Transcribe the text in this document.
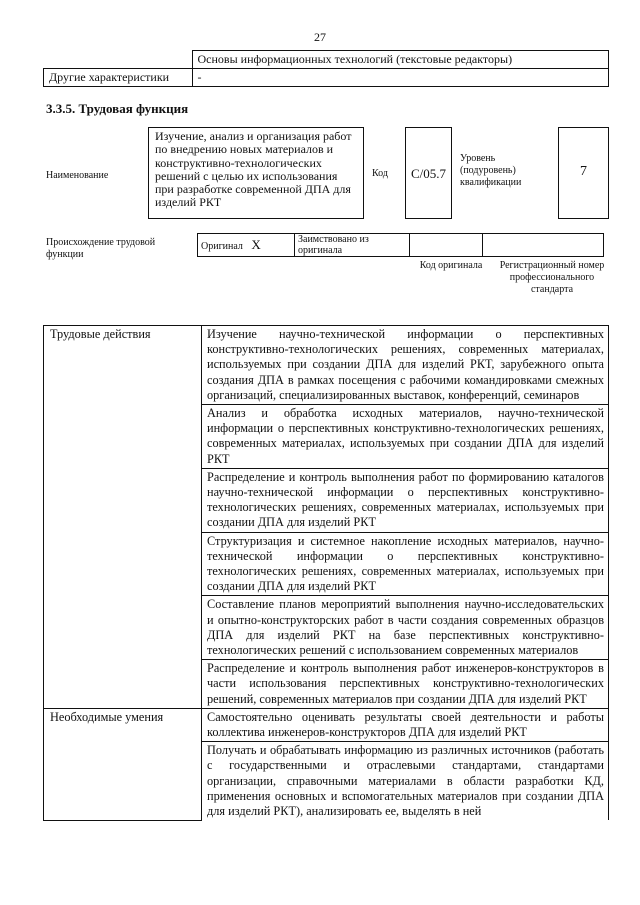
27
	Основы информационных технологий (текстовые редакторы)
Другие характеристики	-
3.3.5. Трудовая функция
Наименование
Изучение, анализ и организация работ по внедрению новых материалов и конструктивно-технологических решений с целью их использования при разработке современной ДПА для изделий РКТ
Код	С/05.7
Уровень (подуровень) квалификации
7
Происхождение трудовой функции
Оригинал X	Заимствовано из оригинала		
Код оригинала	Регистрационный номер профессионального стандарта
Трудовые действия	Изучение научно-технической информации о перспективных конструктивно-технологических решениях, современных материалах, используемых при создании ДПА для изделий РКТ, зарубежного опыта создания ДПА в рамках посещения с рабочими командировками смежных организаций, специализированных выставок, конференций, семинаров
	Анализ и обработка исходных материалов, научно-технической информации о перспективных конструктивно-технологических решениях, современных материалах, используемых при создании ДПА для изделий РКТ
	Распределение и контроль выполнения работ по формированию каталогов научно-технической информации о перспективных конструктивно-технологических решениях, современных материалах, используемых при создании ДПА для изделий РКТ
	Структуризация и системное накопление исходных материалов, научно-технической информации о перспективных конструктивно-технологических решениях, современных материалах, используемых при создании ДПА для изделий РКТ
	Составление планов мероприятий выполнения научно-исследовательских и опытно-конструкторских работ в части создания современных образцов ДПА для изделий РКТ на базе перспективных конструктивно-технологических решений с использованием современных материалов
	Распределение и контроль выполнения работ инженеров-конструкторов в части использования перспективных конструктивно-технологических решений, современных материалов при создании ДПА для изделий РКТ
Необходимые умения	Самостоятельно оценивать результаты своей деятельности и работы коллектива инженеров-конструкторов ДПА для изделий РКТ
	Получать и обрабатывать информацию из различных источников (работать с государственными и отраслевыми стандартами, стандартами организации, справочными материалами в области разработки КД, применения основных и вспомогательных материалов при создании ДПА для изделий РКТ), анализировать ее, выделять в ней
